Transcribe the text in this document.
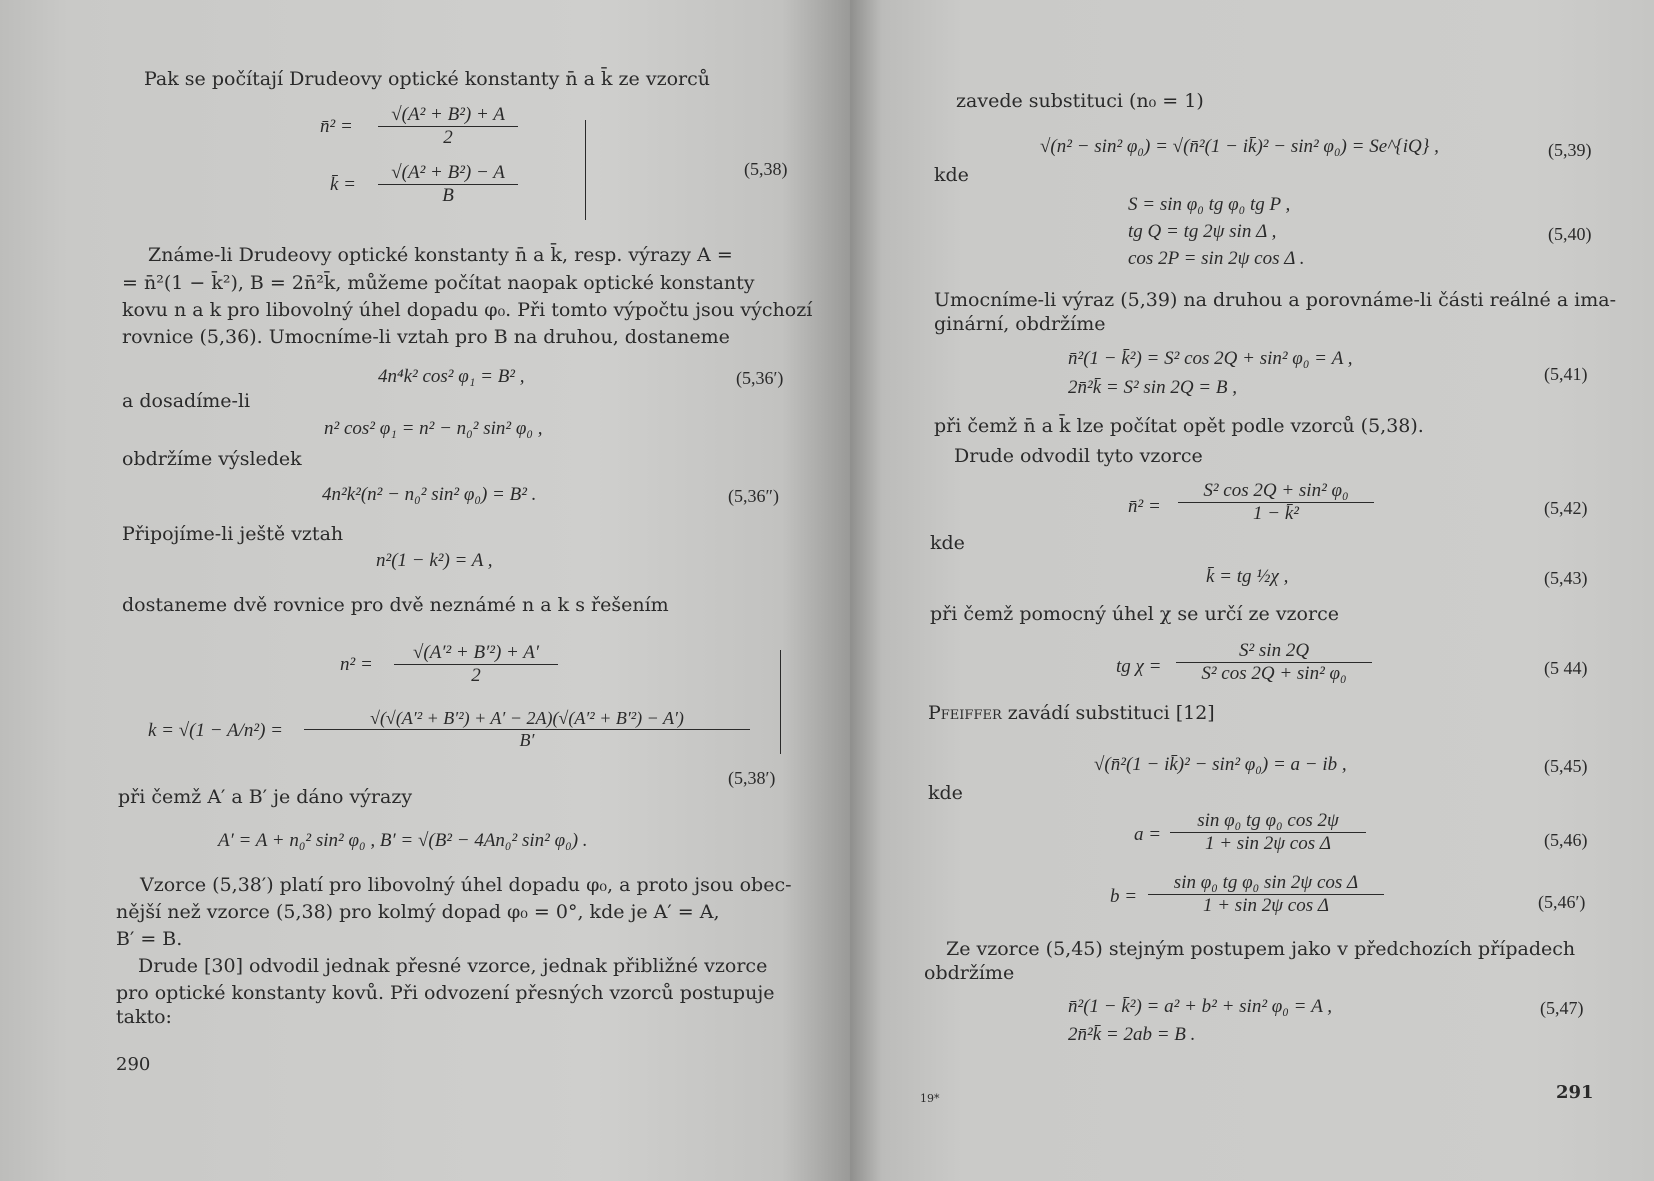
Pak se počítají Drudeovy optické konstanty n̄ a k̄ ze vzorců
n̄² = $\frac{\text{√(A² + B²) + A}}{2}$
k̄ = $\frac{\text{√(A² + B²) − A}}{B}$	(5,38)
Známe-li Drudeovy optické konstanty n̄ a k̄, resp. výrazy A =
= n̄²(1 − k̄²), B = 2n̄²k̄, můžeme počítat naopak optické konstanty
kovu n a k pro libovolný úhel dopadu φ₀. Při tomto výpočtu jsou výchozí
rovnice (5,36). Umocníme-li vztah pro B na druhou, dostaneme
4n⁴k² cos² φ₁ = B² ,	(5,36′)
a dosadíme-li
n² cos² φ₁ = n² − n₀² sin² φ₀ ,
obdržíme výsledek
4n²k²(n² − n₀² sin² φ₀) = B² .	(5,36″)
Připojíme-li ještě vztah
n²(1 − k²) = A ,
dostaneme dvě rovnice pro dvě neznámé n a k s řešením
$n^2 = \frac{\text{√(A′² + B′²) + A′}}{2}$
$k = √(1 - A/n^2) = \frac{\text{√(√(A′² + B′²) + A′ − 2A)(√(A′² + B′²) − A′)}}{B'}$
(5,38′)
při čemž A′ a B′ je dáno výrazy
A′ = A + n₀² sin² φ₀ , B′ = √(B² − 4An₀² sin² φ₀) .
Vzorce (5,38′) platí pro libovolný úhel dopadu φ₀, a proto jsou obec-
nější než vzorce (5,38) pro kolmý dopad φ₀ = 0°, kde je A′ = A,
B′ = B.
Drude [30] odvodil jednak přesné vzorce, jednak přibližné vzorce
pro optické konstanty kovů. Při odvození přesných vzorců postupuje
takto:
290
zavede substituci (n₀ = 1)
√(n² − sin² φ₀) = √(n̄²(1 − ik̄)² − sin² φ₀) = Se^{iQ} ,	(5,39)
kde
S = sin φ₀ tg φ₀ tg P ,
tg Q = tg 2ψ sin Δ ,
cos 2P = sin 2ψ cos Δ .
(5,40)
Umocníme-li výraz (5,39) na druhou a porovnáme-li části reálné a ima-
ginární, obdržíme
n̄²(1 − k̄²) = S² cos 2Q + sin² φ₀ = A ,
2n̄²k̄ = S² sin 2Q = B ,
(5,41)
při čemž n̄ a k̄ lze počítat opět podle vzorců (5,38).
Drude odvodil tyto vzorce
n̄² = $\frac{\text{S² cos 2Q + sin² φ₀}}{\text{1 − k̄²}}$	(5,42)
kde
k̄ = tg ½χ ,	(5,43)
při čemž pomocný úhel χ se určí ze vzorce
tg $\chi = \frac{\text{S² sin 2Q}}{\text{S² cos 2Q + sin² φ₀}}$	(5 44)
Pfeiffer zavádí substituci [12]
√(n̄²(1 − ik̄)² − sin² φ₀) = a − ib ,	(5,45)
kde
$a = \frac{\text{sin φ₀ tg φ₀ cos 2ψ}}{\text{1 + sin 2ψ cos Δ}}$	(5,46)
$b = \frac{\text{sin φ₀ tg φ₀ sin 2ψ cos Δ}}{\text{1 + sin 2ψ cos Δ}}$	(5,46′)
Ze vzorce (5,45) stejným postupem jako v předchozích případech
obdržíme
n̄²(1 − k̄²) = a² + b² + sin² φ₀ = A ,
2n̄²k̄ = 2ab = B .
(5,47)
19*	291
